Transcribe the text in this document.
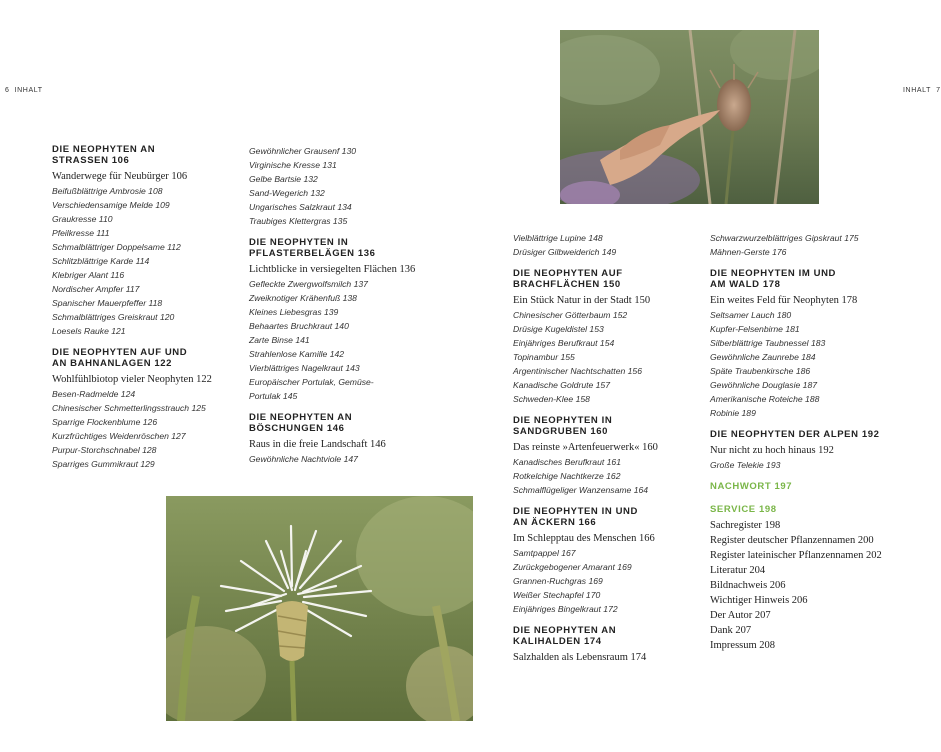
6 INHALT	INHALT 7
DIE NEOPHYTEN AN
STRASSEN 106
Wanderwege für Neubürger 106
Beifußblättrige Ambrosie 108
Verschiedensamige Melde 109
Graukresse 110
Pfeilkresse 111
Schmalblättriger Doppelsame 112
Schlitzblättrige Karde 114
Klebriger Alant 116
Nordischer Ampfer 117
Spanischer Mauerpfeffer 118
Schmalblättriges Greiskraut 120
Loesels Rauke 121
DIE NEOPHYTEN AUF UND
AN BAHNANLAGEN 122
Wohlfühlbiotop vieler Neophyten 122
Besen-Radmelde 124
Chinesischer Schmetterlingsstrauch 125
Sparrige Flockenblume 126
Kurzfrüchtiges Weidenröschen 127
Purpur-Storchschnabel 128
Sparriges Gummikraut 129
Gewöhnlicher Grausenf 130
Virginische Kresse 131
Gelbe Bartsie 132
Sand-Wegerich 132
Ungarisches Salzkraut 134
Traubiges Klettergras 135
DIE NEOPHYTEN IN
PFLASTERBELÄGEN 136
Lichtblicke in versiegelten Flächen 136
Gefleckte Zwergwolfsmilch 137
Zweiknotiger Krähenfuß 138
Kleines Liebesgras 139
Behaartes Bruchkraut 140
Zarte Binse 141
Strahlenlose Kamille 142
Vierblättriges Nagelkraut 143
Europäischer Portulak, Gemüse-
Portulak 145
DIE NEOPHYTEN AN
BÖSCHUNGEN 146
Raus in die freie Landschaft 146
Gewöhnliche Nachtviole 147
Vielblättrige Lupine 148
Drüsiger Gilbweiderich 149
DIE NEOPHYTEN AUF
BRACHFLÄCHEN 150
Ein Stück Natur in der Stadt 150
Chinesischer Götterbaum 152
Drüsige Kugeldistel 153
Einjähriges Berufkraut 154
Topinambur 155
Argentinischer Nachtschatten 156
Kanadische Goldrute 157
Schweden-Klee 158
DIE NEOPHYTEN IN
SANDGRUBEN 160
Das reinste »Artenfeuerwerk« 160
Kanadisches Berufkraut 161
Rotkelchige Nachtkerze 162
Schmalflügeliger Wanzensame 164
DIE NEOPHYTEN IN UND
AN ÄCKERN 166
Im Schlepptau des Menschen 166
Samtpappel 167
Zurückgebogener Amarant 169
Grannen-Ruchgras 169
Weißer Stechapfel 170
Einjähriges Bingelkraut 172
DIE NEOPHYTEN AN
KALIHALDEN 174
Salzhalden als Lebensraum 174
Schwarzwurzelblättriges Gipskraut 175
Mähnen-Gerste 176
DIE NEOPHYTEN IM UND
AM WALD 178
Ein weites Feld für Neophyten 178
Seltsamer Lauch 180
Kupfer-Felsenbirne 181
Silberblättrige Taubnessel 183
Gewöhnliche Zaunrebe 184
Späte Traubenkirsche 186
Gewöhnliche Douglasie 187
Amerikanische Roteiche 188
Robinie 189
DIE NEOPHYTEN DER ALPEN 192
Nur nicht zu hoch hinaus 192
Große Telekie 193
NACHWORT 197
SERVICE 198
Sachregister 198
Register deutscher Pflanzennamen 200
Register lateinischer Pflanzennamen 202
Literatur 204
Bildnachweis 206
Wichtiger Hinweis 206
Der Autor 207
Dank 207
Impressum 208
